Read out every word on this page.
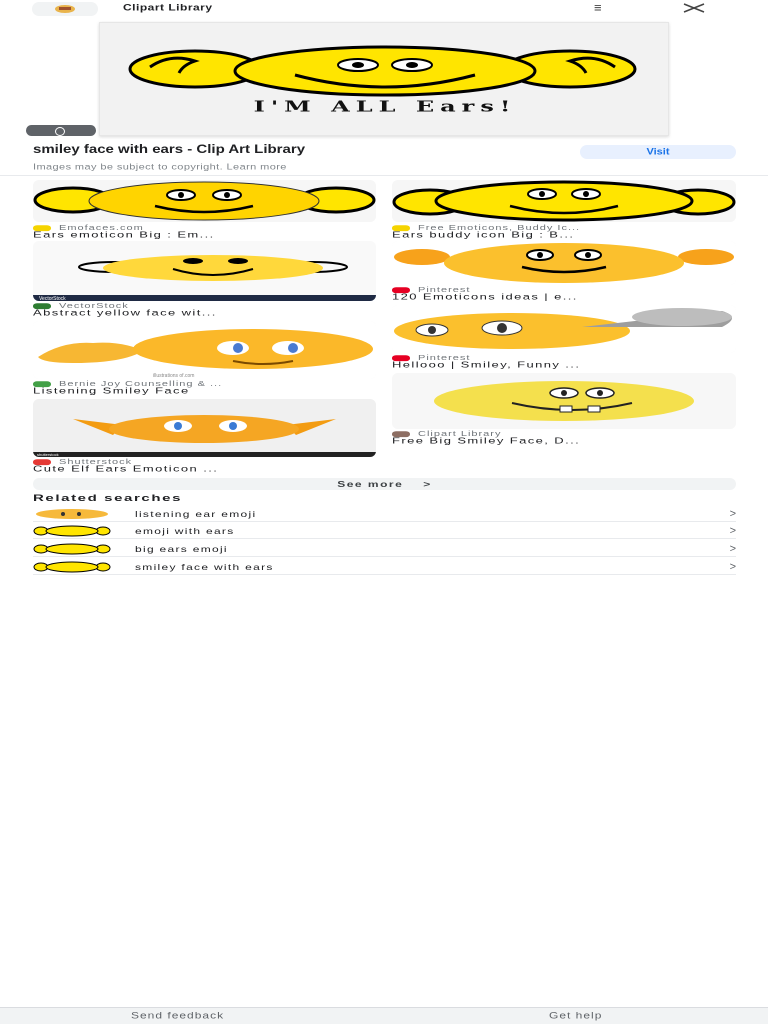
Clipart Library	≡
I'M ALL Ears!
smiley face with ears - Clip Art Library
Images may be subject to copyright. Learn more
Visit
Emofaces.com
Ears emoticon Big : Em...
VectorStock
VectorStock
Abstract yellow face wit...
illustrations of.com
Bernie Joy Counselling & ...
Listening Smiley Face
shutterstock
Shutterstock
Cute Elf Ears Emoticon ...
Free Emoticons, Buddy Ic...
Ears buddy icon Big : B...
Pinterest
120 Emoticons ideas | e...
Pinterest
Hellooo | Smiley, Funny ...
Clipart Library
Free Big Smiley Face, D...
See more >
Related searches
listening ear emoji	>
emoji with ears	>
big ears emoji	>
smiley face with ears	>
Send feedback	Get help
